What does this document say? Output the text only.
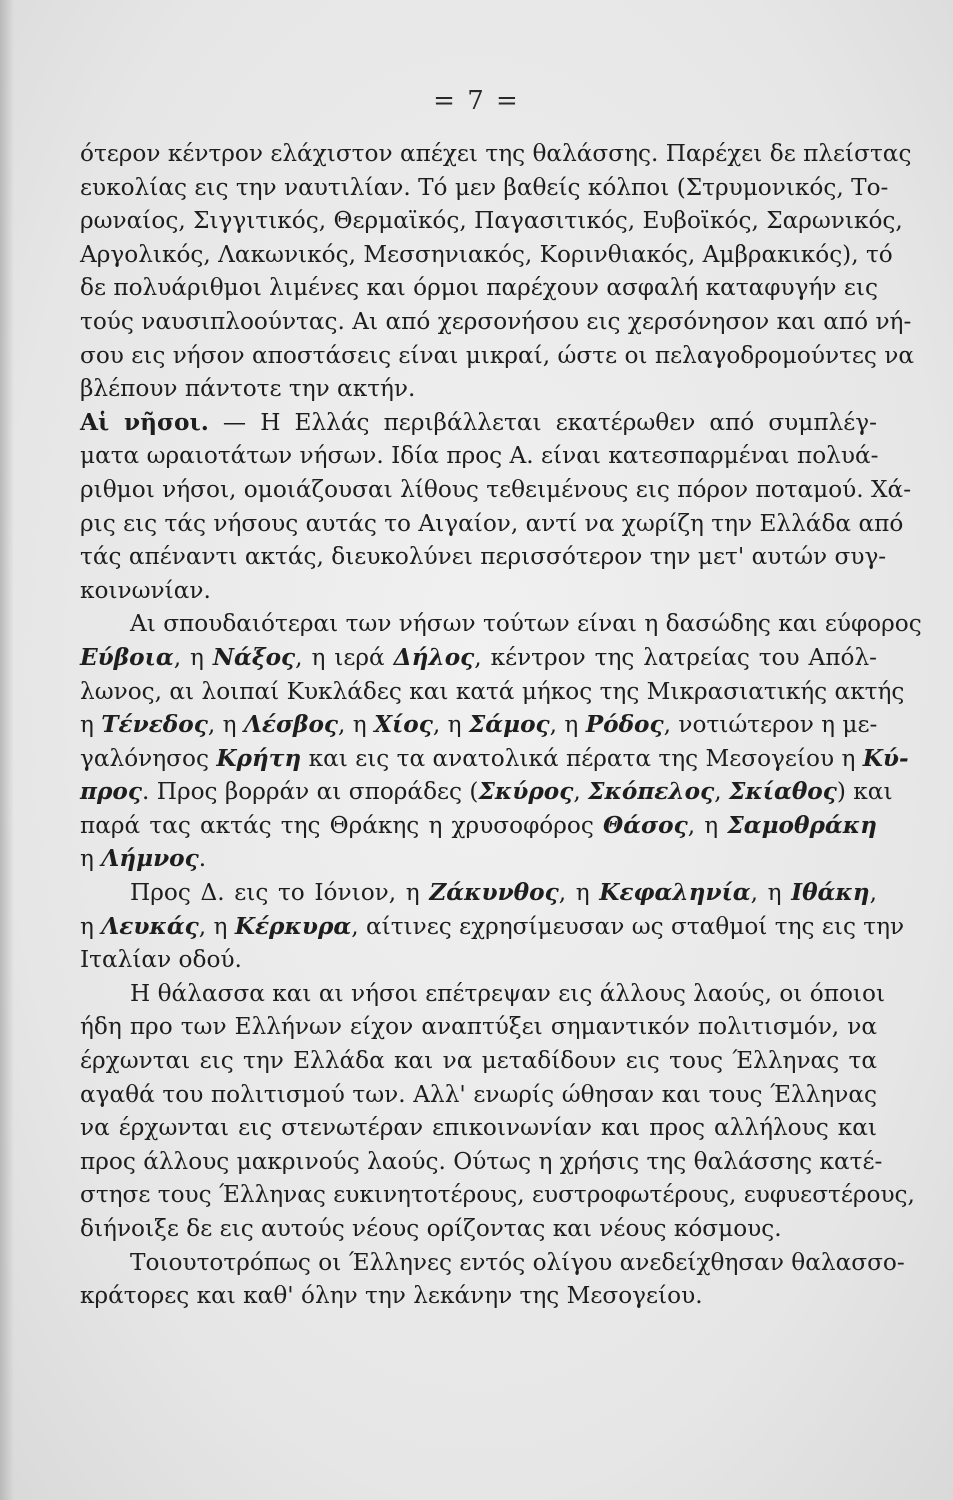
= 7 =
ότερον κέντρον ελάχιστον απέχει της θαλάσσης. Παρέχει δε πλείστας
ευκολίας εις την ναυτιλίαν. Τό μεν βαθείς κόλποι (Στρυμονικός, Το-
ρωναίος, Σιγγιτικός, Θερμαϊκός, Παγασιτικός, Ευβοϊκός, Σαρωνικός,
Αργολικός, Λακωνικός, Μεσσηνιακός, Κορινθιακός, Αμβρακικός), τό
δε πολυάριθμοι λιμένες και όρμοι παρέχουν ασφαλή καταφυγήν εις
τούς ναυσιπλοούντας. Αι από χερσονήσου εις χερσόνησον και από νή-
σου εις νήσον αποστάσεις είναι μικραί, ώστε οι πελαγοδρομούντες να
βλέπουν πάντοτε την ακτήν.
Αἱ νῆσοι. — Η Ελλάς περιβάλλεται εκατέρωθεν από συμπλέγ-
ματα ωραιοτάτων νήσων. Ιδία προς Α. είναι κατεσπαρμέναι πολυά-
ριθμοι νήσοι, ομοιάζουσαι λίθους τεθειμένους εις πόρον ποταμού. Χά-
ρις εις τάς νήσους αυτάς το Αιγαίον, αντί να χωρίζη την Ελλάδα από
τάς απέναντι ακτάς, διευκολύνει περισσότερον την μετ' αυτών συγ-
κοινωνίαν.
Αι σπουδαιότεραι των νήσων τούτων είναι η δασώδης και εύφορος
Εύβοια, η Νάξος, η ιερά Δήλος, κέντρον της λατρείας του Απόλ-
λωνος, αι λοιπαί Κυκλάδες και κατά μήκος της Μικρασιατικής ακτής
η Τένεδος, η Λέσβος, η Χίος, η Σάμος, η Ρόδος, νοτιώτερον η με-
γαλόνησος Κρήτη και εις τα ανατολικά πέρατα της Μεσογείου η Κύ-
προς. Προς βορράν αι σποράδες (Σκύρος, Σκόπελος, Σκίαθος) και
παρά τας ακτάς της Θράκης η χρυσοφόρος Θάσος, η Σαμοθράκη
η Λήμνος.
Προς Δ. εις το Ιόνιον, η Ζάκυνθος, η Κεφαληνία, η Ιθάκη,
η Λευκάς, η Κέρκυρα, αίτινες εχρησίμευσαν ως σταθμοί της εις την
Ιταλίαν οδού.
Η θάλασσα και αι νήσοι επέτρεψαν εις άλλους λαούς, οι όποιοι
ήδη προ των Ελλήνων είχον αναπτύξει σημαντικόν πολιτισμόν, να
έρχωνται εις την Ελλάδα και να μεταδίδουν εις τους Έλληνας τα
αγαθά του πολιτισμού των. Αλλ' ενωρίς ώθησαν και τους Έλληνας
να έρχωνται εις στενωτέραν επικοινωνίαν και προς αλλήλους και
προς άλλους μακρινούς λαούς. Ούτως η χρήσις της θαλάσσης κατέ-
στησε τους Έλληνας ευκινητοτέρους, ευστροφωτέρους, ευφυεστέρους,
διήνοιξε δε εις αυτούς νέους ορίζοντας και νέους κόσμους.
Τοιουτοτρόπως οι Έλληνες εντός ολίγου ανεδείχθησαν θαλασσο-
κράτορες και καθ' όλην την λεκάνην της Μεσογείου.
